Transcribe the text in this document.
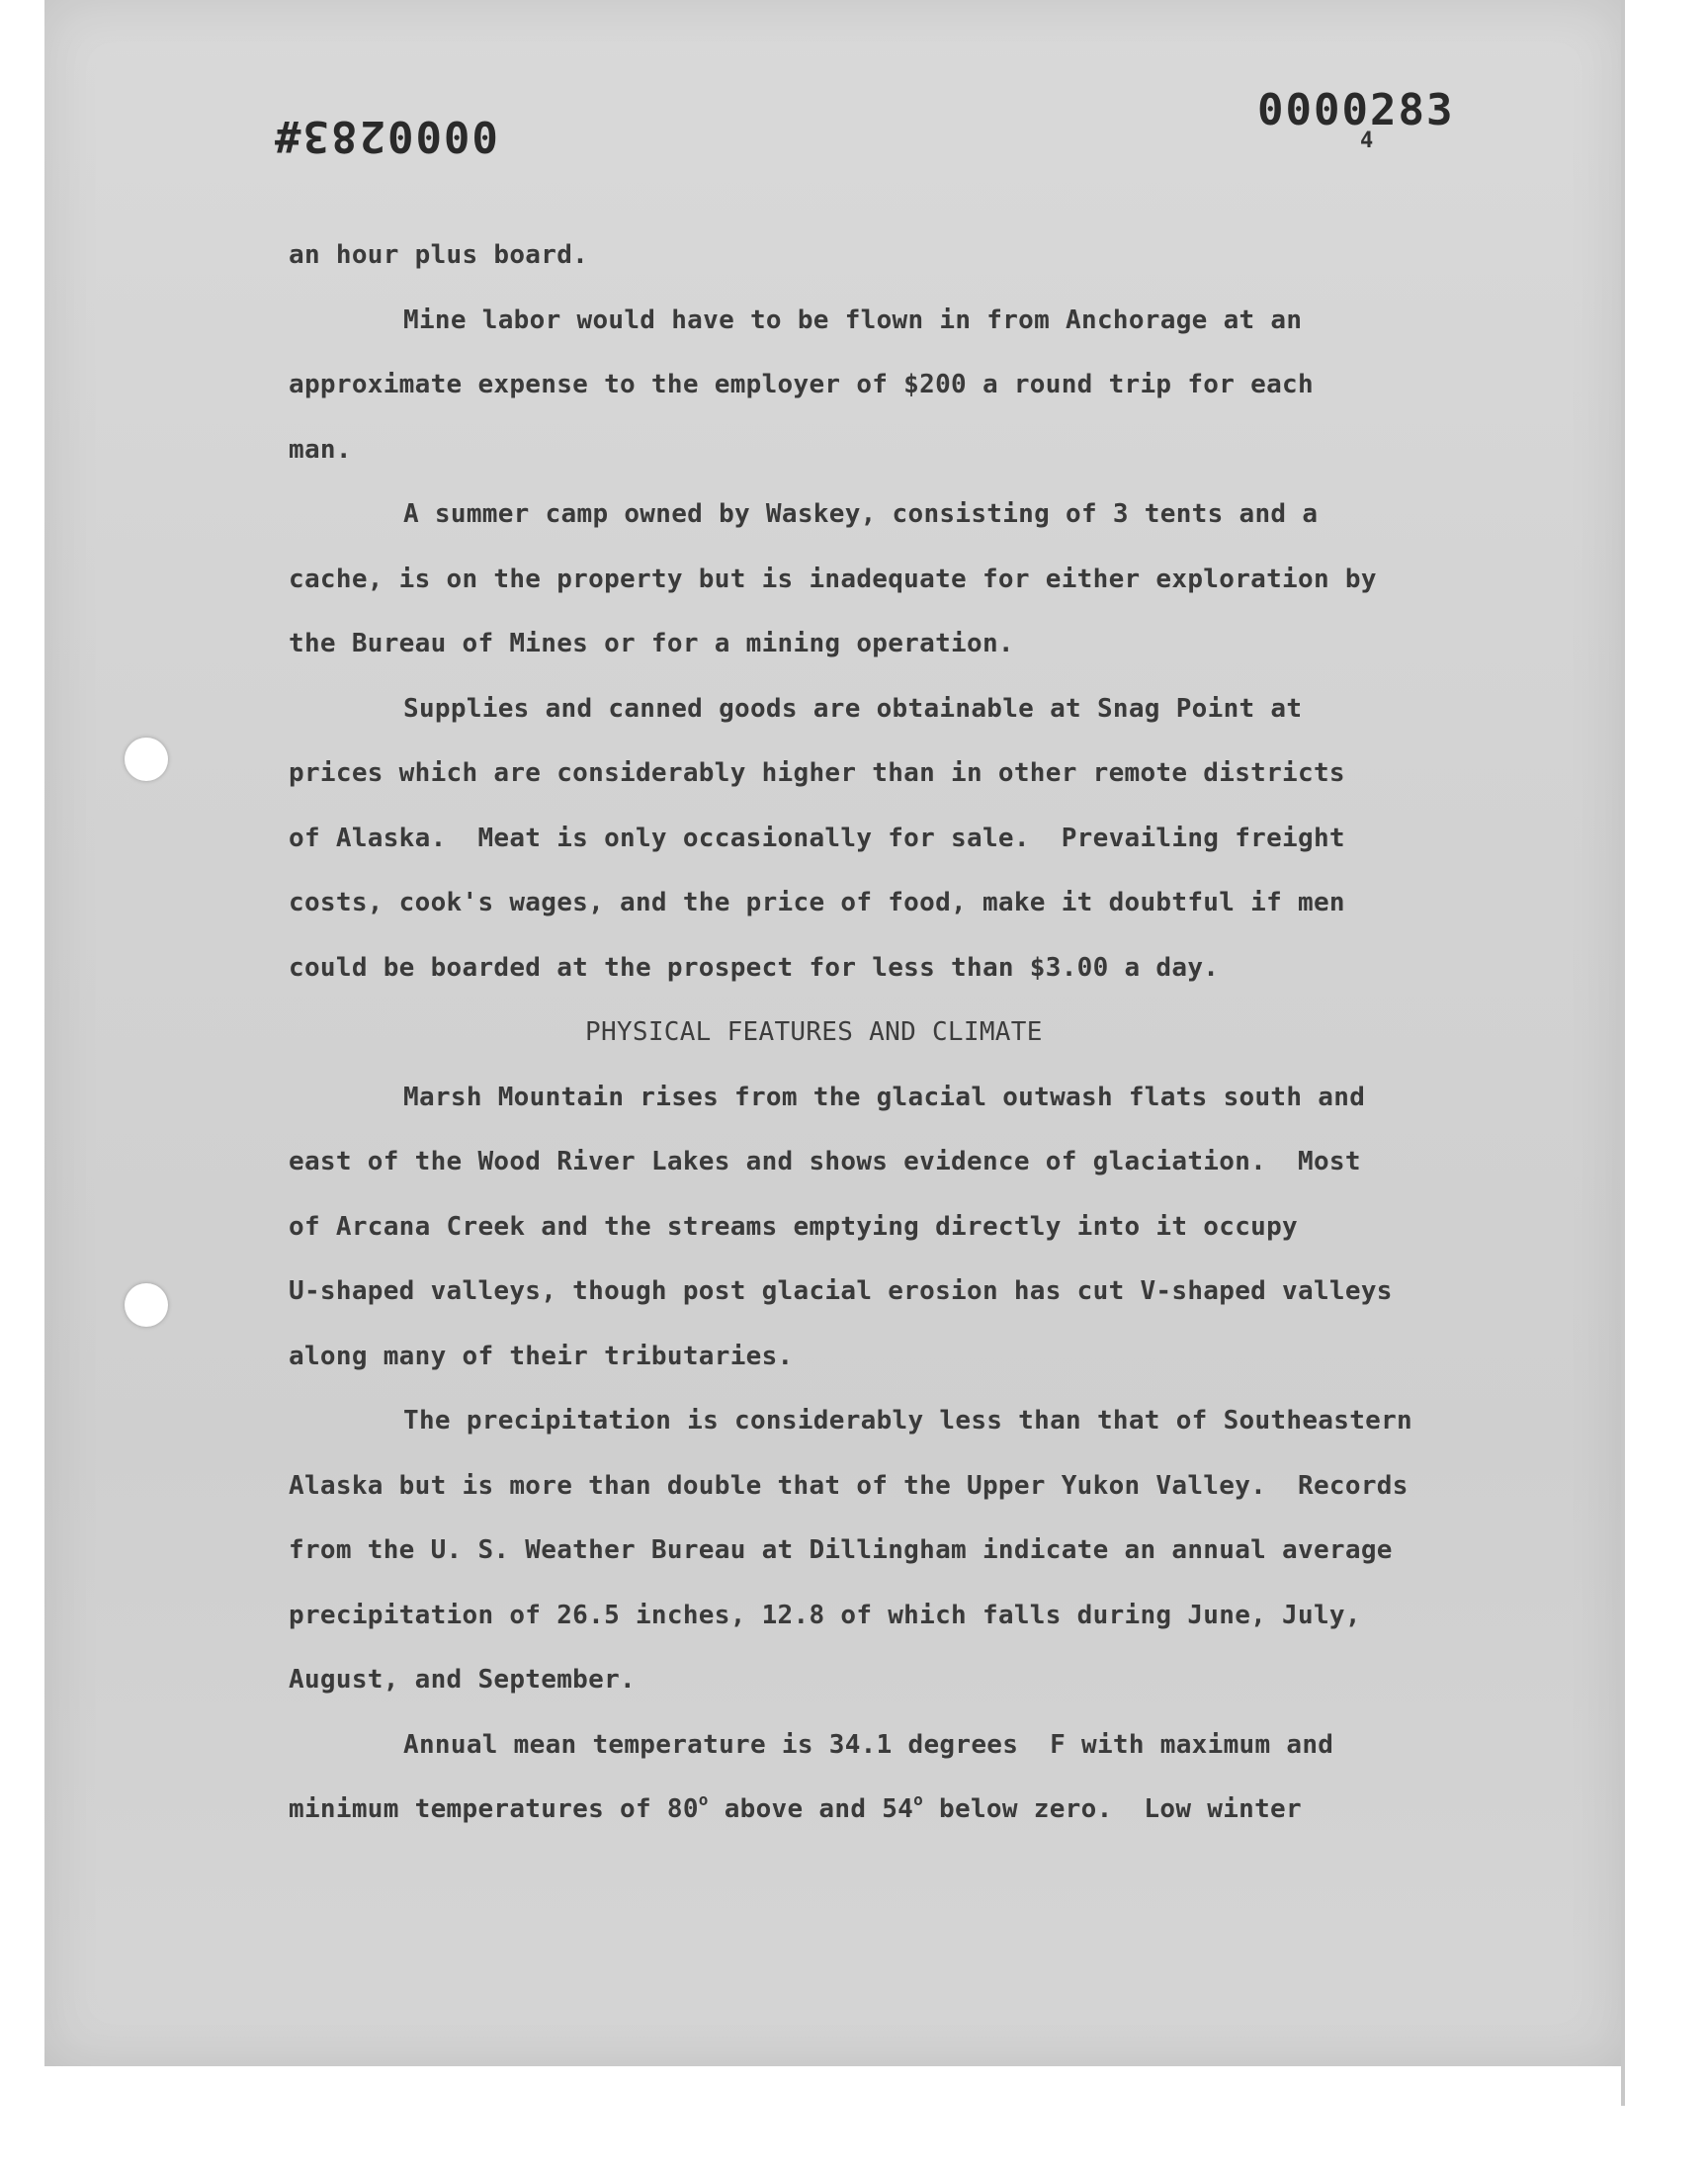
0000283#
0000283
4
an hour plus board.
Mine labor would have to be flown in from Anchorage at an
approximate expense to the employer of $200 a round trip for each
man.
A summer camp owned by Waskey, consisting of 3 tents and a
cache, is on the property but is inadequate for either exploration by
the Bureau of Mines or for a mining operation.
Supplies and canned goods are obtainable at Snag Point at
prices which are considerably higher than in other remote districts
of Alaska.  Meat is only occasionally for sale.  Prevailing freight
costs, cook's wages, and the price of food, make it doubtful if men
could be boarded at the prospect for less than $3.00 a day.
PHYSICAL FEATURES AND CLIMATE
Marsh Mountain rises from the glacial outwash flats south and
east of the Wood River Lakes and shows evidence of glaciation.  Most
of Arcana Creek and the streams emptying directly into it occupy
U-shaped valleys, though post glacial erosion has cut V-shaped valleys
along many of their tributaries.
The precipitation is considerably less than that of Southeastern
Alaska but is more than double that of the Upper Yukon Valley.  Records
from the U. S. Weather Bureau at Dillingham indicate an annual average
precipitation of 26.5 inches, 12.8 of which falls during June, July,
August, and September.
Annual mean temperature is 34.1 degrees  F with maximum and
minimum temperatures of 80$^o$ above and 54$^o$ below zero.  Low winter
